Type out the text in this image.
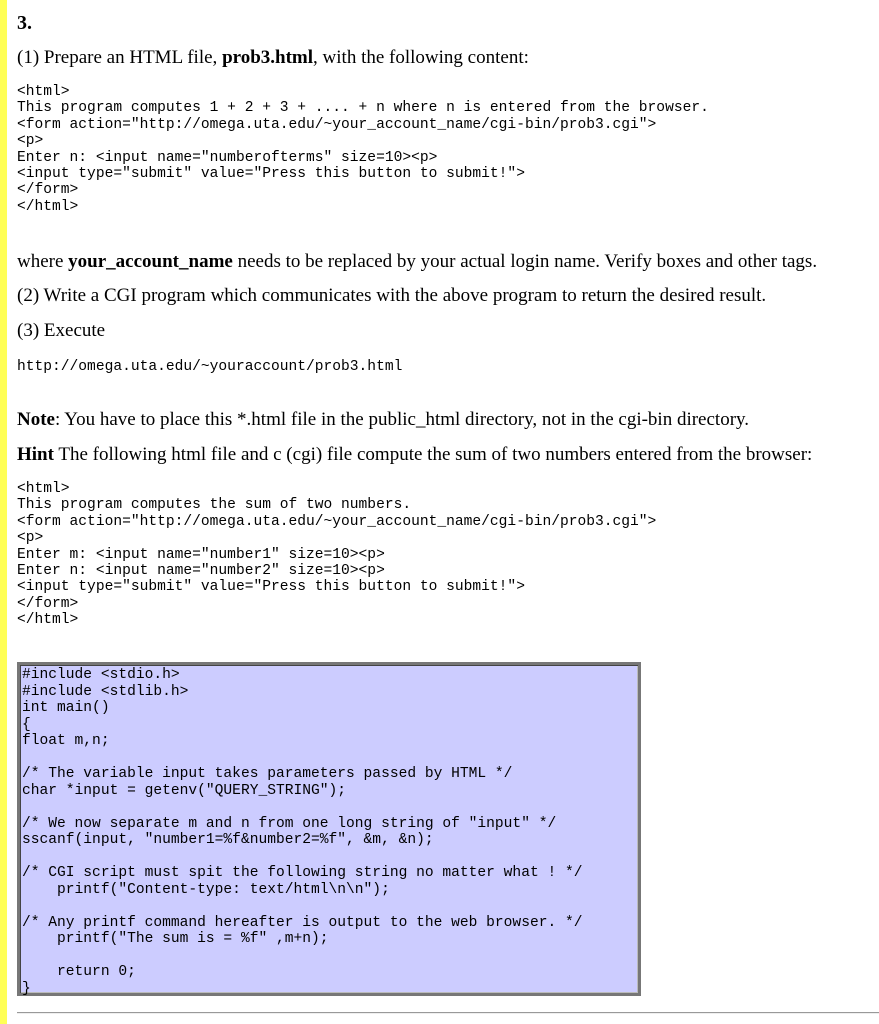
3.
(1) Prepare an HTML file, prob3.html, with the following content:
<html>
This program computes 1 + 2 + 3 + .... + n where n is entered from the browser.
<form action="http://omega.uta.edu/~your_account_name/cgi-bin/prob3.cgi">
<p>
Enter n: <input name="numberofterms" size=10><p>
<input type="submit" value="Press this button to submit!">
</form>
</html>
where your_account_name needs to be replaced by your actual login name. Verify boxes and other tags.
(2) Write a CGI program which communicates with the above program to return the desired result.
(3) Execute
http://omega.uta.edu/~youraccount/prob3.html
Note: You have to place this *.html file in the public_html directory, not in the cgi-bin directory.
Hint The following html file and c (cgi) file compute the sum of two numbers entered from the browser:
<html>
This program computes the sum of two numbers.
<form action="http://omega.uta.edu/~your_account_name/cgi-bin/prob3.cgi">
<p>
Enter m: <input name="number1" size=10><p>
Enter n: <input name="number2" size=10><p>
<input type="submit" value="Press this button to submit!">
</form>
</html>
#include <stdio.h>
#include <stdlib.h>
int main()
{
float m,n;

/* The variable input takes parameters passed by HTML */
char *input = getenv("QUERY_STRING");

/* We now separate m and n from one long string of "input" */
sscanf(input, "number1=%f&number2=%f", &m, &n);

/* CGI script must spit the following string no matter what ! */
printf("Content-type: text/html\n\n");

/* Any printf command hereafter is output to the web browser. */
printf("The sum is = %f" ,m+n);

return 0;
}
